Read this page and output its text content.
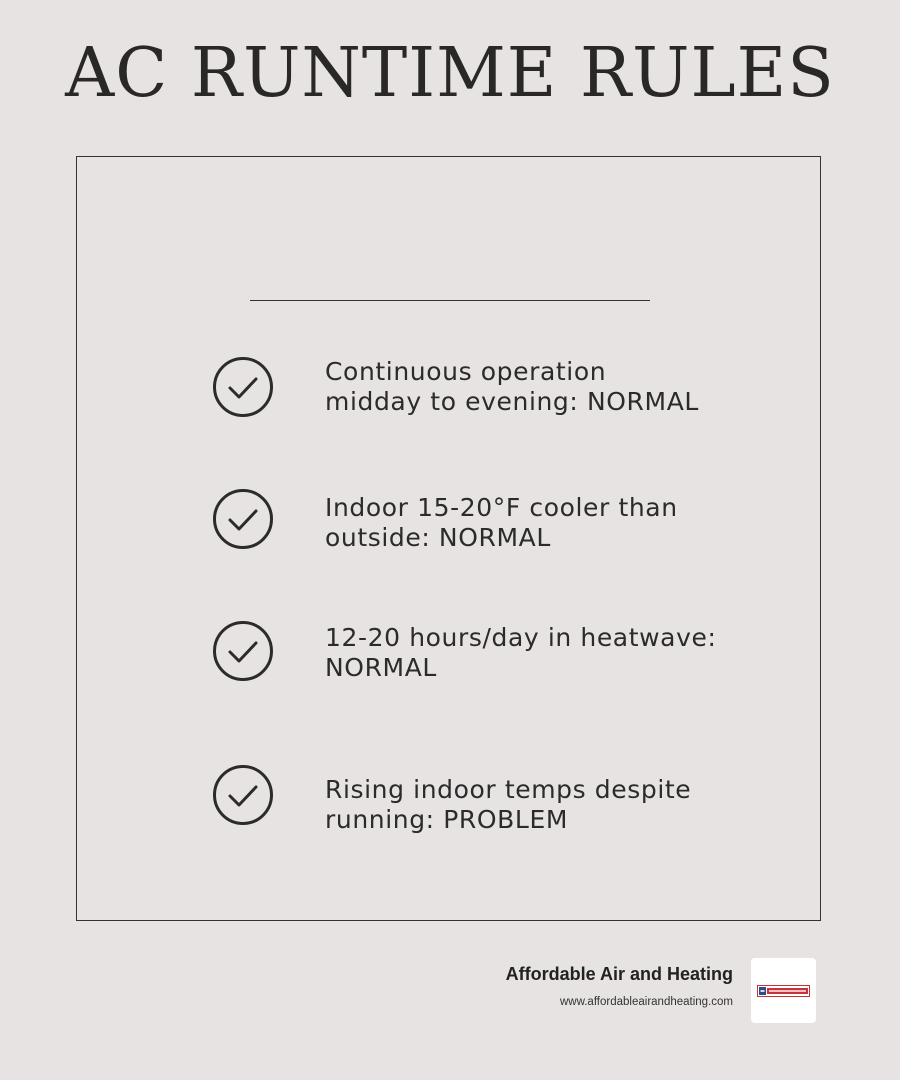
AC RUNTIME RULES
Continuous operation
midday to evening: NORMAL
Indoor 15-20°F cooler than
outside: NORMAL
12-20 hours/day in heatwave:
NORMAL
Rising indoor temps despite
running: PROBLEM
Affordable Air and Heating
www.affordableairandheating.com
